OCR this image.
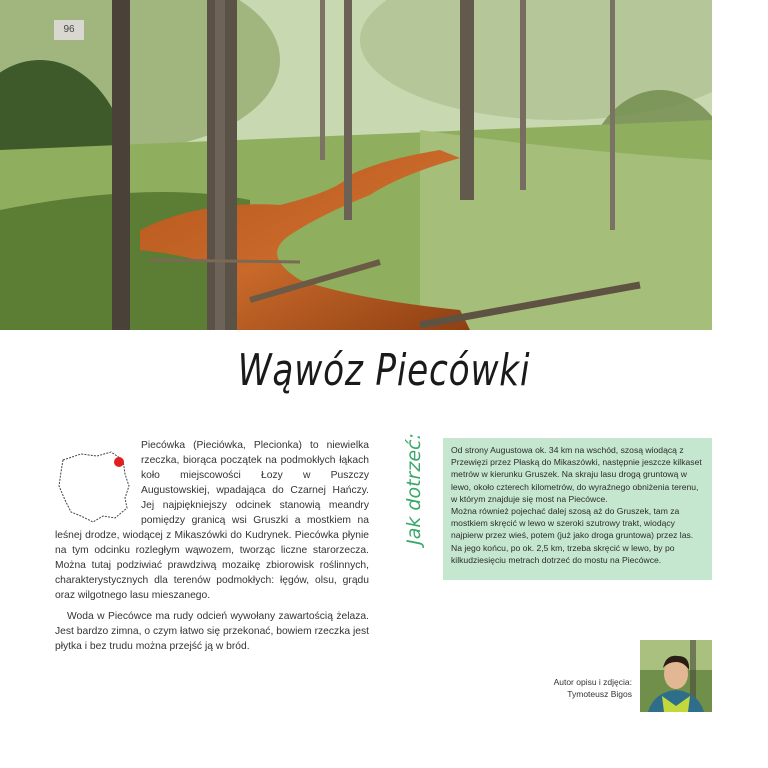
96
Wąwóz Piecówki

Piecówka (Pieciówka, Plecionka) to niewielka rzeczka, biorąca początek na podmokłych łąkach koło miejscowości Łozy w Puszczy Augustowskiej, wpadająca do Czarnej Hańczy. Jej najpiękniejszy odcinek stanowią meandry pomiędzy granicą wsi Gruszki a mostkiem na leśnej drodze, wiodącej z Mikaszówki do Kudrynek. Piecówka płynie na tym odcinku rozległym wąwozem, tworząc liczne starorzecza. Można tutaj podziwiać prawdziwą mozaikę zbiorowisk roślinnych, charakterystycznych dla terenów podmokłych: łęgów, olsu, grądu oraz wilgotnego lasu mieszanego.

Woda w Piecówce ma rudy odcień wywołany zawartością żelaza. Jest bardzo zimna, o czym łatwo się przekonać, bowiem rzeczka jest płytka i bez trudu można przejść ją w bród.

Jak dotrzeć:	Od strony Augustowa ok. 34 km na wschód, szosą wiodącą z Przewięzi przez Płaską do Mikaszówki, następnie jeszcze kilkaset metrów w kierunku Gruszek. Na skraju lasu drogą gruntową w lewo, około czterech kilometrów, do wyraźnego obniżenia terenu, w którym znajduje się most na Piecówce.

Można również pojechać dalej szosą aż do Gruszek, tam za mostkiem skręcić w lewo w szeroki szutrowy trakt, wiodący najpierw przez wieś, potem (już jako droga gruntowa) przez las. Na jego końcu, po ok. 2,5 km, trzeba skręcić w lewo, by po kilkudziesięciu metrach dotrzeć do mostu na Piecówce.

Autor opisu i zdjęcia:
Tymoteusz Bigos
